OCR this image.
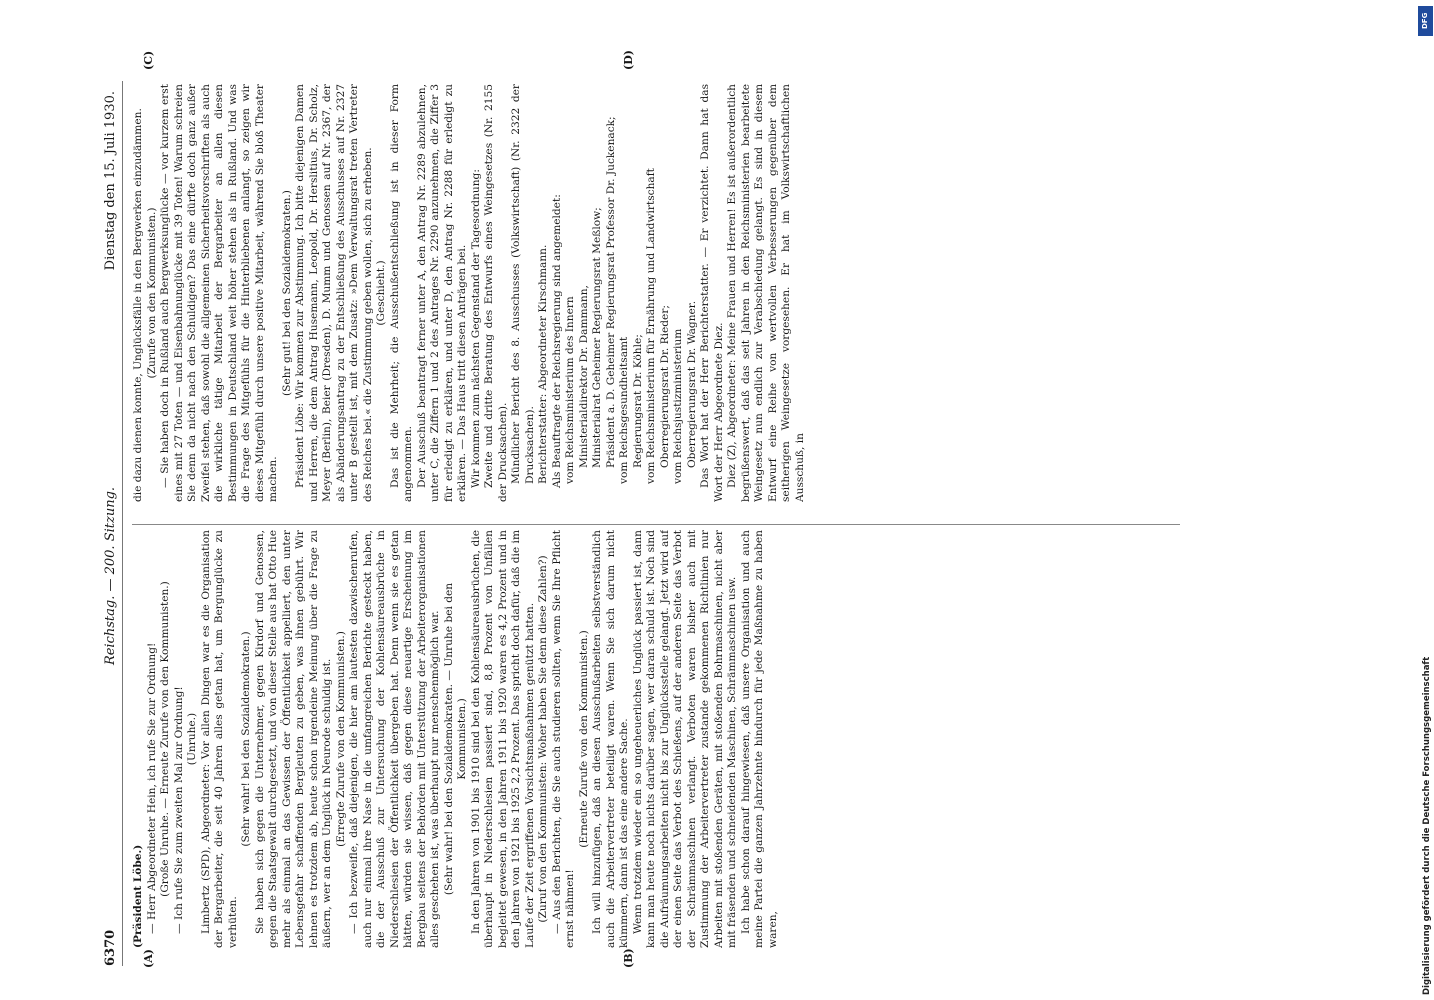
6370
Reichstag. — 200. Sitzung.
Dienstag den 15. Juli 1930.
(A)	(B)
(C)	(D)

(Präsident Löbe.) — Herr Abgeordneter Hein, ich rufe Sie zur Ordnung! (Große Unruhe. — Erneute Zurufe von den Kommunisten.) — Ich rufe Sie zum zweiten Mal zur Ordnung! (Unruhe.) Limbertz (SPD), Abgeordneter: Vor allen Dingen war es die Organisation der Bergarbeiter, die seit 40 Jahren alles getan hat, um Bergunglücke zu verhüten.

(Sehr wahr! bei den Sozialdemokraten.) Sie haben sich gegen die Unternehmer, gegen Kirdorf und Genossen, gegen die Staatsgewalt durchgesetzt, und von dieser Stelle aus hat Otto Hue mehr als einmal an das Gewissen der Öffentlichkeit appelliert, den unter Lebensgefahr schaffenden Bergleuten zu geben, was ihnen gebührt. Wir lehnen es trotzdem ab, heute schon irgendeine Meinung über die Frage zu äußern, wer an dem Unglück in Neurode schuldig ist. (Erregte Zurufe von den Kommunisten.) — Ich bezweifle, daß diejenigen, die hier am lautesten dazwischenrufen, auch nur einmal ihre Nase in die umfangreichen Berichte gesteckt haben, die der Ausschuß zur Untersuchung der Kohlensäureausbrüche in Niederschlesien der Öffentlichkeit übergeben hat. Denn wenn sie es getan hätten, würden sie wissen, daß gegen diese neuartige Erscheinung im Bergbau seitens der Behörden mit Unterstützung der Arbeiterorganisationen alles geschehen ist, was überhaupt nur menschenmöglich war. (Sehr wahr! bei den Sozialdemokraten. — Unruhe bei den Kommunisten.) In den Jahren von 1901 bis 1910 sind bei den Kohlensäureausbrüchen, die überhaupt in Niederschlesien passiert sind, 8,8 Prozent von Unfällen begleitet gewesen, in den Jahren 1911 bis 1920 waren es 4,2 Prozent und in den Jahren von 1921 bis 1925 2,2 Prozent. Das spricht doch dafür, daß die im Laufe der Zeit ergriffenen Vorsichtsmaßnahmen genützt hatten. (Zuruf von den Kommunisten: Woher haben Sie denn diese Zahlen?) — Aus den Berichten, die Sie auch studieren sollten, wenn Sie Ihre Pflicht ernst nähmen!

(Erneute Zurufe von den Kommunisten.) Ich will hinzufügen, daß an diesen Ausschußarbeiten selbstverständlich auch die Arbeitervertreter beteiligt waren. Wenn Sie sich darum nicht kümmern, dann ist das eine andere Sache. Wenn trotzdem wieder ein so ungeheuerliches Unglück passiert ist, dann kann man heute noch nichts darüber sagen, wer daran schuld ist. Noch sind die Aufräumungsarbeiten nicht bis zur Unglücksstelle gelangt. Jetzt wird auf der einen Seite das Verbot des Schießens, auf der anderen Seite das Verbot der Schrämmaschinen verlangt. Verboten waren bisher auch mit Zustimmung der Arbeitervertreter zustande gekommenen Richtlinien nur Arbeiten mit stoßenden Geräten, mit stoßenden Bohrmaschinen, nicht aber mit fräsenden und schneidenden Maschinen, Schrämmaschinen usw. Ich habe schon darauf hingewiesen, daß unsere Organisation und auch meine Partei die ganzen Jahrzehnte hindurch für jede Maßnahme zu haben waren,

die dazu dienen konnte, Unglücksfälle in den Bergwerken einzudämmen. (Zurufe von den Kommunisten.) — Sie haben doch in Rußland auch Bergwerksunglücke — vor kurzem erst eines mit 27 Toten — und Eisenbahnunglücke mit 39 Toten! Warum schreien Sie denn da nicht nach den Schuldigen? Das eine dürfte doch ganz außer Zweifel stehen, daß sowohl die allgemeinen Sicherheitsvorschriften als auch die wirkliche tätige Mitarbeit der Bergarbeiter an allen diesen Bestimmungen in Deutschland weit höher stehen als in Rußland. Und was die Frage des Mitgefühls für die Hinterbliebenen anlangt, so zeigen wir dieses Mitgefühl durch unsere positive Mitarbeit, während Sie bloß Theater machen.

(Sehr gut! bei den Sozialdemokraten.) Präsident Löbe: Wir kommen zur Abstimmung. Ich bitte diejenigen Damen und Herren, die dem Antrag Husemann, Leopold, Dr. Herslitius, Dr. Scholz, Meyer (Berlin), Beier (Dresden), D. Mumm und Genossen auf Nr. 2367, der als Abänderungsantrag zu der Entschließung des Ausschusses auf Nr. 2327 unter B gestellt ist, mit dem Zusatz: »Dem Verwaltungsrat treten Vertreter des Reiches bei.« die Zustimmung geben wollen, sich zu erheben. (Geschieht.) Das ist die Mehrheit; die Ausschußentschließung ist in dieser Form angenommen. Der Ausschuß beantragt ferner unter A, den Antrag Nr. 2289 abzulehnen, unter C, die Ziffern 1 und 2 des Antrages Nr. 2290 anzunehmen, die Ziffer 3 für erledigt zu erklären, und unter D, den Antrag Nr. 2288 für erledigt zu erklären. — Das Haus tritt diesen Anträgen bei. Wir kommen zum nächsten Gegenstand der Tagesordnung: Zweite und dritte Beratung des Entwurfs eines Weingesetzes (Nr. 2155 der Drucksachen). Mündlicher Bericht des 8. Ausschusses (Volkswirtschaft) (Nr. 2322 der Drucksachen). Berichterstatter: Abgeordneter Kirschmann. Als Beauftragte der Reichsregierung sind angemeldet: vom Reichsministerium des Innern Ministerialdirektor Dr. Dammann, Ministerialrat Geheimer Regierungsrat Meßlow; Präsident a. D. Geheimer Regierungsrat Professor Dr. Juckenack; vom Reichsgesundheitsamt Regierungsrat Dr. Köhle; vom Reichsministerium für Ernährung und Landwirtschaft Oberregierungsrat Dr. Rieder; vom Reichsjustizministerium Oberregierungsrat Dr. Wagner. Das Wort hat der Herr Berichterstatter. — Er verzichtet. Dann hat das Wort der Herr Abgeordnete Diez. Diez (Z), Abgeordneter: Meine Frauen und Herren! Es ist außerordentlich begrüßenswert, daß das seit Jahren in den Reichsministerien bearbeitete Weingesetz nun endlich zur Verabschiedung gelangt. Es sind in diesem Entwurf eine Reihe von wertvollen Verbesserungen gegenüber dem seitherigen Weingesetze vorgesehen. Er hat im Volkswirtschaftlichen Ausschuß, in

DFG
Digitalisierung gefördert durch die Deutsche Forschungsgemeinschaft
